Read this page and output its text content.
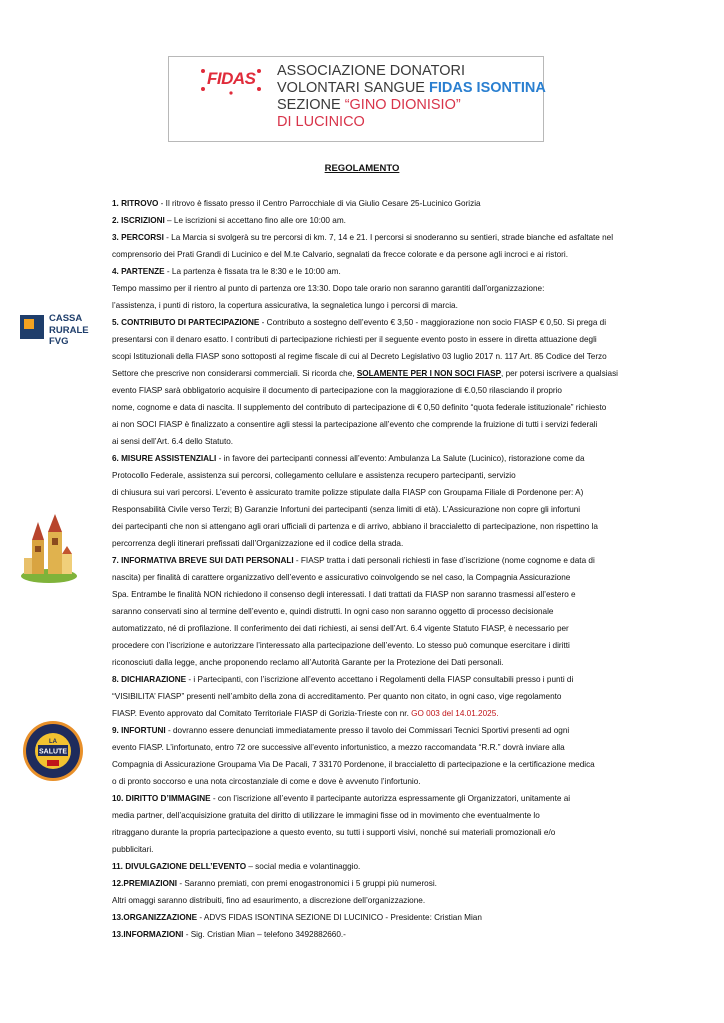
FIDAS ASSOCIAZIONE DONATORI
VOLONTARI SANGUE FIDAS ISONTINA
SEZIONE “GINO DIONISIO”
DI LUCINICO
REGOLAMENTO
CASSA
RURALE
FVG
LA
SALUTE
1. RITROVO - Il ritrovo è fissato presso il Centro Parrocchiale di via Giulio Cesare 25-Lucinico Gorizia
2. ISCRIZIONI – Le iscrizioni si accettano fino alle ore 10:00 am.
3. PERCORSI - La Marcia si svolgerà su tre percorsi di km. 7, 14 e 21. I percorsi si snoderanno su sentieri, strade bianche ed asfaltate nel
comprensorio dei Prati Grandi di Lucinico e del M.te Calvario, segnalati da frecce colorate e da persone agli incroci e ai ristori.
4. PARTENZE - La partenza è fissata tra le 8:30 e le 10:00 am.
Tempo massimo per il rientro al punto di partenza ore 13:30. Dopo tale orario non saranno garantiti dall’organizzazione:
l’assistenza, i punti di ristoro, la copertura assicurativa, la segnaletica lungo i percorsi di marcia.
5. CONTRIBUTO DI PARTECIPAZIONE - Contributo a sostegno dell’evento € 3,50 - maggiorazione non socio FIASP € 0,50. Si prega di
presentarsi con il denaro esatto. I contributi di partecipazione richiesti per il seguente evento posto in essere in diretta attuazione degli
scopi Istituzionali della FIASP sono sottoposti al regime fiscale di cui al Decreto Legislativo 03 luglio 2017 n. 117 Art. 85 Codice del Terzo
Settore che prescrive non considerarsi commerciali. Si ricorda che, SOLAMENTE PER I NON SOCI FIASP, per potersi iscrivere a qualsiasi
evento FIASP sarà obbligatorio acquisire il documento di partecipazione con la maggiorazione di €.0,50 rilasciando il proprio
nome, cognome e data di nascita. Il supplemento del contributo di partecipazione di € 0,50 definito “quota federale istituzionale” richiesto
ai non SOCI FIASP è finalizzato a consentire agli stessi la partecipazione all’evento che comprende la fruizione di tutti i servizi federali
ai sensi dell’Art. 6.4 dello Statuto.
6. MISURE ASSISTENZIALI - in favore dei partecipanti connessi all’evento: Ambulanza La Salute (Lucinico), ristorazione come da
Protocollo Federale, assistenza sui percorsi, collegamento cellulare e assistenza recupero partecipanti, servizio
di chiusura sui vari percorsi. L’evento è assicurato tramite polizze stipulate dalla FIASP con Groupama Filiale di Pordenone per: A)
Responsabilità Civile verso Terzi; B) Garanzie Infortuni dei partecipanti (senza limiti di età). L’Assicurazione non copre gli infortuni
dei partecipanti che non si attengano agli orari ufficiali di partenza e di arrivo, abbiano il braccialetto di partecipazione, non rispettino la
percorrenza degli itinerari prefissati dall’Organizzazione ed il codice della strada.
7. INFORMATIVA BREVE SUI DATI PERSONALI - FIASP tratta i dati personali richiesti in fase d’iscrizione (nome cognome e data di
nascita) per finalità di carattere organizzativo dell’evento e assicurativo coinvolgendo se nel caso, la Compagnia Assicurazione
Spa. Entrambe le finalità NON richiedono il consenso degli interessati. I dati trattati da FIASP non saranno trasmessi all’estero e
saranno conservati sino al termine dell’evento e, quindi distrutti. In ogni caso non saranno oggetto di processo decisionale
automatizzato, né di profilazione. Il conferimento dei dati richiesti, ai sensi dell’Art. 6.4 vigente Statuto FIASP, è necessario per
procedere con l’iscrizione e autorizzare l’interessato alla partecipazione dell’evento. Lo stesso può comunque esercitare i diritti
riconosciuti dalla legge, anche proponendo reclamo all’Autorità Garante per la Protezione dei Dati personali.
8. DICHIARAZIONE - i Partecipanti, con l’iscrizione all’evento accettano i Regolamenti della FIASP consultabili presso i punti di
“VISIBILITA’ FIASP” presenti nell’ambito della zona di accreditamento. Per quanto non citato, in ogni caso, vige regolamento
FIASP. Evento approvato dal Comitato Territoriale FIASP di Gorizia-Trieste con nr. GO 003 del 14.01.2025.
9. INFORTUNI - dovranno essere denunciati immediatamente presso il tavolo dei Commissari Tecnici Sportivi presenti ad ogni
evento FIASP. L’infortunato, entro 72 ore successive all’evento infortunistico, a mezzo raccomandata “R.R.” dovrà inviare alla
Compagnia di Assicurazione Groupama Via De Pacali, 7 33170 Pordenone, il braccialetto di partecipazione e la certificazione medica
o di pronto soccorso e una nota circostanziale di come e dove è avvenuto l’infortunio.
10. DIRITTO D’IMMAGINE - con l’iscrizione all’evento il partecipante autorizza espressamente gli Organizzatori, unitamente ai
media partner, dell’acquisizione gratuita del diritto di utilizzare le immagini fisse od in movimento che eventualmente lo
ritraggano durante la propria partecipazione a questo evento, su tutti i supporti visivi, nonché sui materiali promozionali e/o
pubblicitari.
11. DIVULGAZIONE DELL’EVENTO – social media e volantinaggio.
12.PREMIAZIONI - Saranno premiati, con premi enogastronomici i 5 gruppi più numerosi.
Altri omaggi saranno distribuiti, fino ad esaurimento, a discrezione dell’organizzazione.
13.ORGANIZZAZIONE - ADVS FIDAS ISONTINA SEZIONE DI LUCINICO - Presidente: Cristian Mian
13.INFORMAZIONI - Sig. Cristian Mian – telefono 3492882660.-
